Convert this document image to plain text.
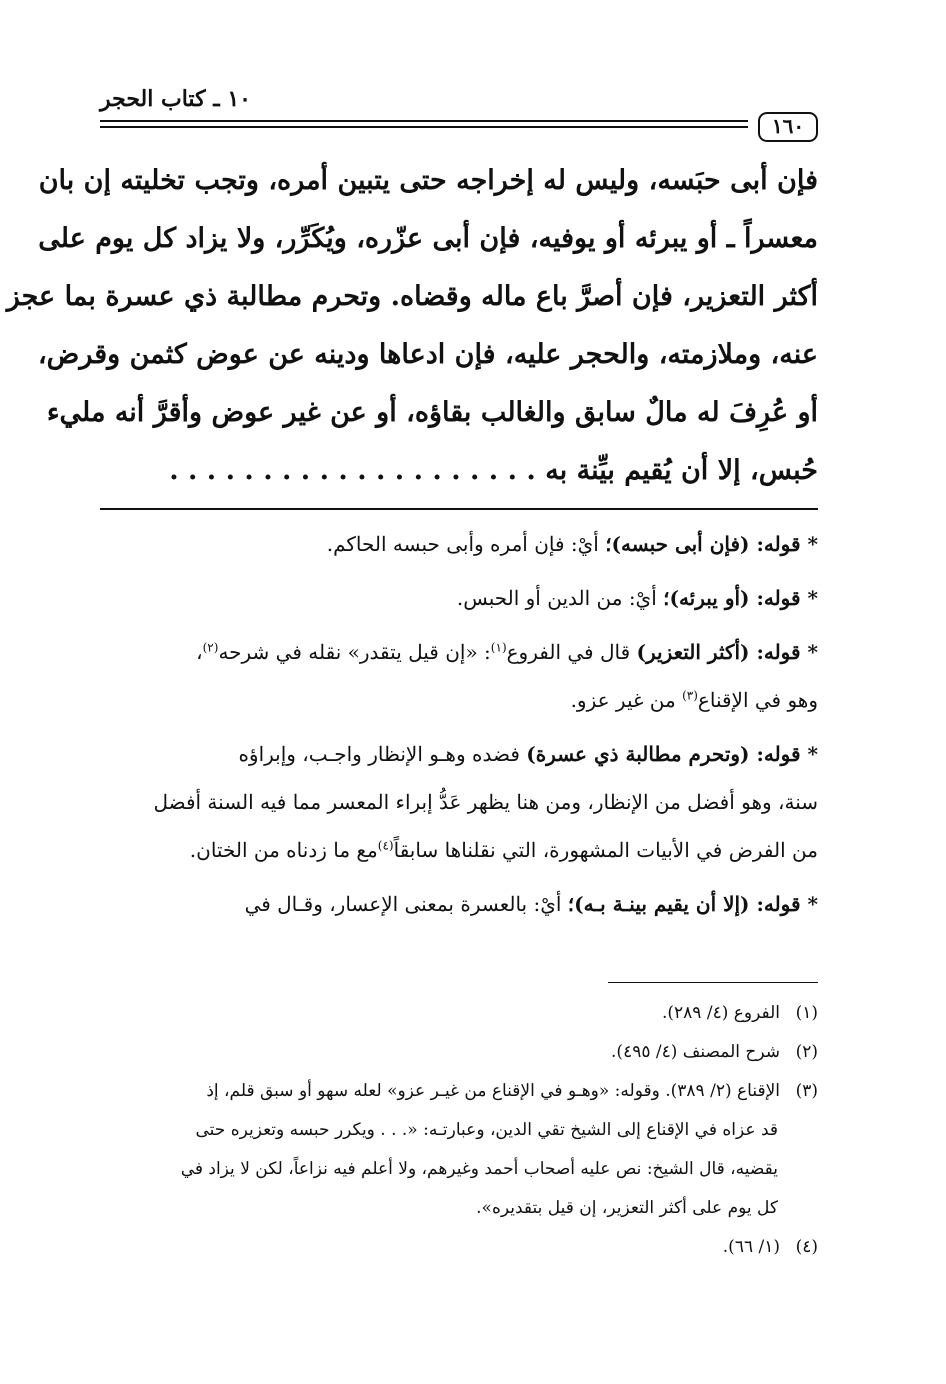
١٦٠
١٠ ـ كتاب الحجر
فإن أبى حبَسه، وليس له إخراجه حتى يتبين أمره، وتجب تخليته إن بان
معسراً ـ أو يبرئه أو يوفيه، فإن أبى عزّره، ويُكَرِّر، ولا يزاد كل يوم على
أكثر التعزير، فإن أصرَّ باع ماله وقضاه. وتحرم مطالبة ذي عسرة بما عجز
عنه، وملازمته، والحجر عليه، فإن ادعاها ودينه عن عوض كثمن وقرض،
أو عُرِفَ له مالٌ سابق والغالب بقاؤه، أو عن غير عوض وأقرَّ أنه مليء
حُبس، إلا أن يُقيم بيِّنة به . . . . . . . . . . . . . . . . . . . .
* قوله: (فإن أبى حبسه)؛ أيْ: فإن أمره وأبى حبسه الحاكم.
* قوله: (أو يبرئه)؛ أيْ: من الدين أو الحبس.
* قوله: (أكثر التعزير) قال في الفروع$^{(١)}$: «إن قيل يتقدر» نقله في شرحه$^{(٢)}$،
وهو في الإقناع$^{(٣)}$ من غير عزو.
* قوله: (وتحرم مطالبة ذي عسرة) فضده وهـو الإنظار واجـب، وإبراؤه
سنة، وهو أفضل من الإنظار، ومن هنا يظهر عَدُّ إبراء المعسر مما فيه السنة أفضل
من الفرض في الأبيات المشهورة، التي نقلناها سابقاً$^{(٤)}$مع ما زدناه من الختان.
* قوله: (إلا أن يقيم بينـة بـه)؛ أيْ: بالعسرة بمعنى الإعسار، وقـال في
(١)الفروع (٤/ ٢٨٩).
(٢)شرح المصنف (٤/ ٤٩٥).
(٣)الإقناع (٢/ ٣٨٩). وقوله: «وهـو في الإقناع من غيـر عزو» لعله سهو أو سبق قلم، إذ
قد عزاه في الإقناع إلى الشيخ تقي الدين، وعبارتـه: «. . . ويكرر حبسه وتعزيره حتى
يقضيه، قال الشيخ: نص عليه أصحاب أحمد وغيرهم، ولا أعلم فيه نزاعاً، لكن لا يزاد في
كل يوم على أكثر التعزير، إن قيل بتقديره».
(٤)(١/ ٦٦).
